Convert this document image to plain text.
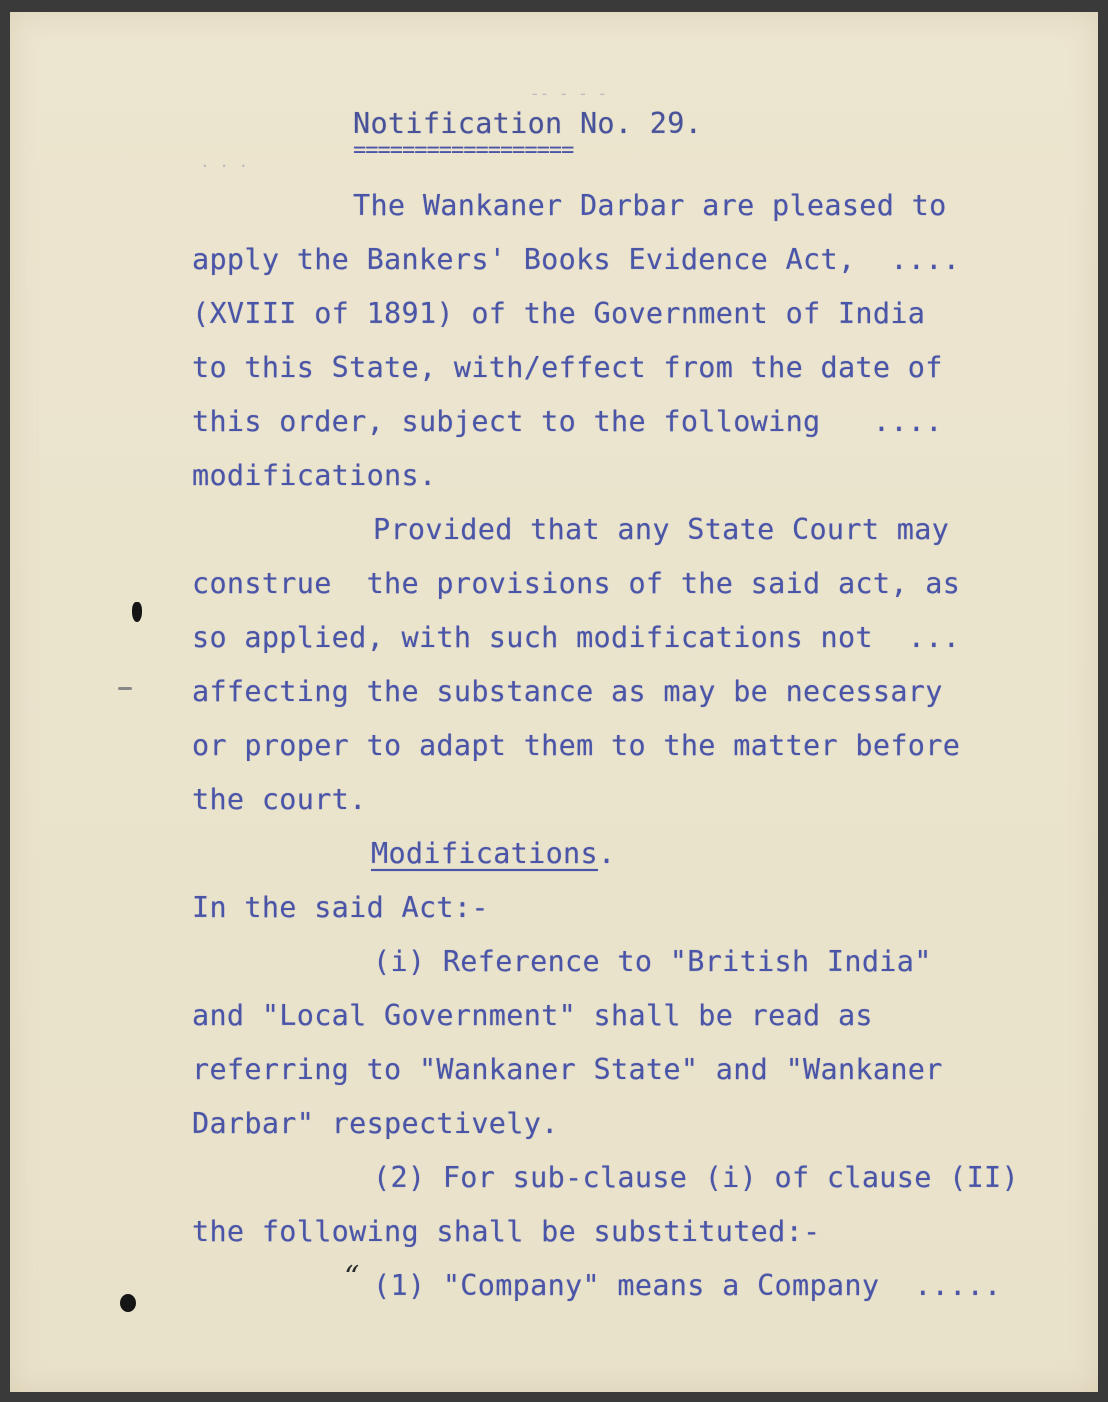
-- - - -
. . .
Notification No. 29.
==================
The Wankaner Darbar are pleased to
apply the Bankers' Books Evidence Act,  ....
(XVIII of 1891) of the Government of India
to this State, with/effect from the date of
this order, subject to the following   ....
modifications.
Provided that any State Court may
construe  the provisions of the said act, as
so applied, with such modifications not  ...
affecting the substance as may be necessary
or proper to adapt them to the matter before
the court.
Modifications.
In the said Act:-
(i) Reference to "British India"
and "Local Government" shall be read as
referring to "Wankaner State" and "Wankaner
Darbar" respectively.
(2) For sub-clause (i) of clause (II)
the following shall be substituted:-
“ (1) "Company" means a Company  .....
